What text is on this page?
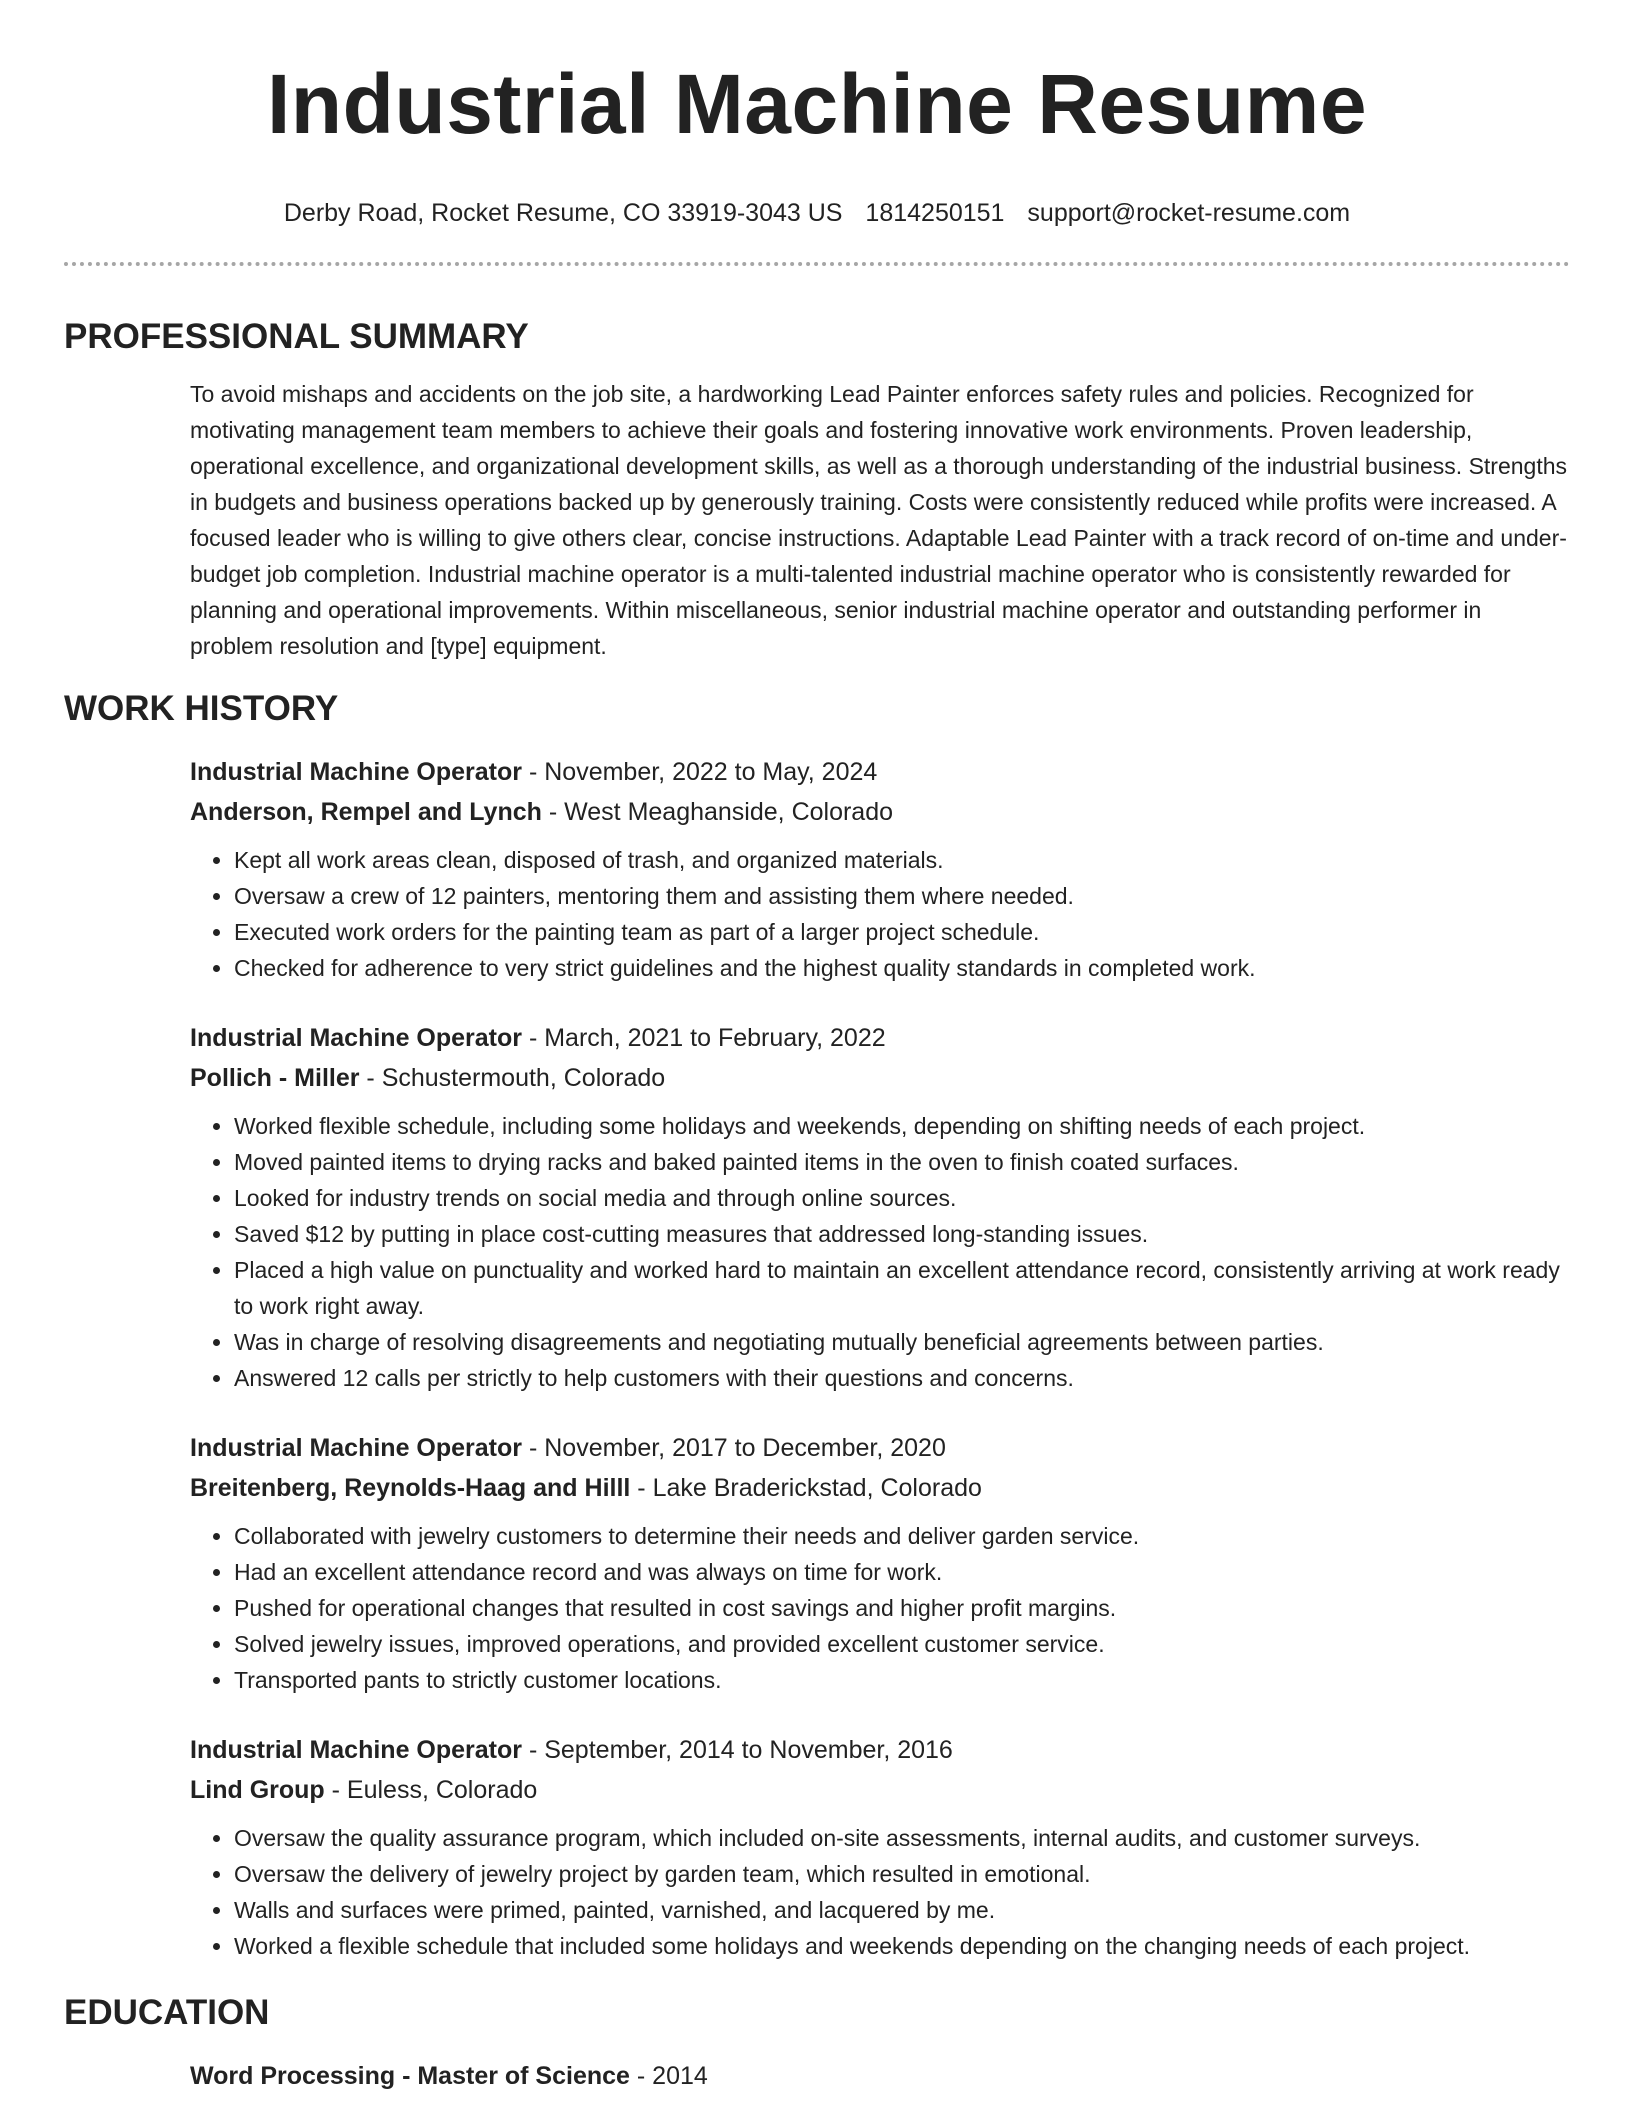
Industrial Machine Resume
Derby Road, Rocket Resume, CO 33919-3043 US 1814250151 support@rocket-resume.com
PROFESSIONAL SUMMARY
To avoid mishaps and accidents on the job site, a hardworking Lead Painter enforces safety rules and policies. Recognized for motivating management team members to achieve their goals and fostering innovative work environments. Proven leadership, operational excellence, and organizational development skills, as well as a thorough understanding of the industrial business. Strengths in budgets and business operations backed up by generously training. Costs were consistently reduced while profits were increased. A focused leader who is willing to give others clear, concise instructions. Adaptable Lead Painter with a track record of on-time and under-budget job completion. Industrial machine operator is a multi-talented industrial machine operator who is consistently rewarded for planning and operational improvements. Within miscellaneous, senior industrial machine operator and outstanding performer in problem resolution and [type] equipment.
WORK HISTORY
Industrial Machine Operator - November, 2022 to May, 2024
Anderson, Rempel and Lynch - West Meaghanside, Colorado
• Kept all work areas clean, disposed of trash, and organized materials.
• Oversaw a crew of 12 painters, mentoring them and assisting them where needed.
• Executed work orders for the painting team as part of a larger project schedule.
• Checked for adherence to very strict guidelines and the highest quality standards in completed work.
Industrial Machine Operator - March, 2021 to February, 2022
Pollich - Miller - Schustermouth, Colorado
• Worked flexible schedule, including some holidays and weekends, depending on shifting needs of each project.
• Moved painted items to drying racks and baked painted items in the oven to finish coated surfaces.
• Looked for industry trends on social media and through online sources.
• Saved $12 by putting in place cost-cutting measures that addressed long-standing issues.
• Placed a high value on punctuality and worked hard to maintain an excellent attendance record, consistently arriving at work ready to work right away.
• Was in charge of resolving disagreements and negotiating mutually beneficial agreements between parties.
• Answered 12 calls per strictly to help customers with their questions and concerns.
Industrial Machine Operator - November, 2017 to December, 2020
Breitenberg, Reynolds-Haag and Hilll - Lake Braderickstad, Colorado
• Collaborated with jewelry customers to determine their needs and deliver garden service.
• Had an excellent attendance record and was always on time for work.
• Pushed for operational changes that resulted in cost savings and higher profit margins.
• Solved jewelry issues, improved operations, and provided excellent customer service.
• Transported pants to strictly customer locations.
Industrial Machine Operator - September, 2014 to November, 2016
Lind Group - Euless, Colorado
• Oversaw the quality assurance program, which included on-site assessments, internal audits, and customer surveys.
• Oversaw the delivery of jewelry project by garden team, which resulted in emotional.
• Walls and surfaces were primed, painted, varnished, and lacquered by me.
• Worked a flexible schedule that included some holidays and weekends depending on the changing needs of each project.
EDUCATION
Word Processing - Master of Science - 2014
